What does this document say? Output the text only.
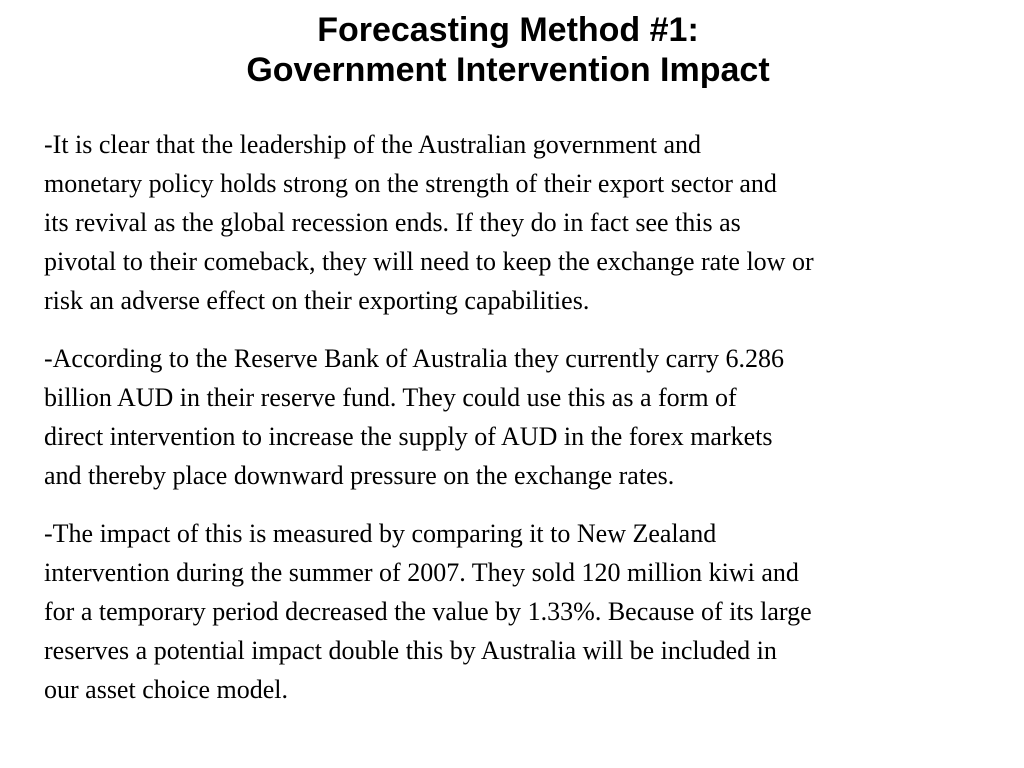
Forecasting Method #1:
Government Intervention Impact

-It is clear that the leadership of the Australian government and
monetary policy holds strong on the strength of their export sector and
its revival as the global recession ends. If they do in fact see this as
pivotal to their comeback, they will need to keep the exchange rate low or
risk an adverse effect on their exporting capabilities.

-According to the Reserve Bank of Australia they currently carry 6.286
billion AUD in their reserve fund. They could use this as a form of
direct intervention to increase the supply of AUD in the forex markets
and thereby place downward pressure on the exchange rates.

-The impact of this is measured by comparing it to New Zealand
intervention during the summer of 2007. They sold 120 million kiwi and
for a temporary period decreased the value by 1.33%. Because of its large
reserves a potential impact double this by Australia will be included in
our asset choice model.
